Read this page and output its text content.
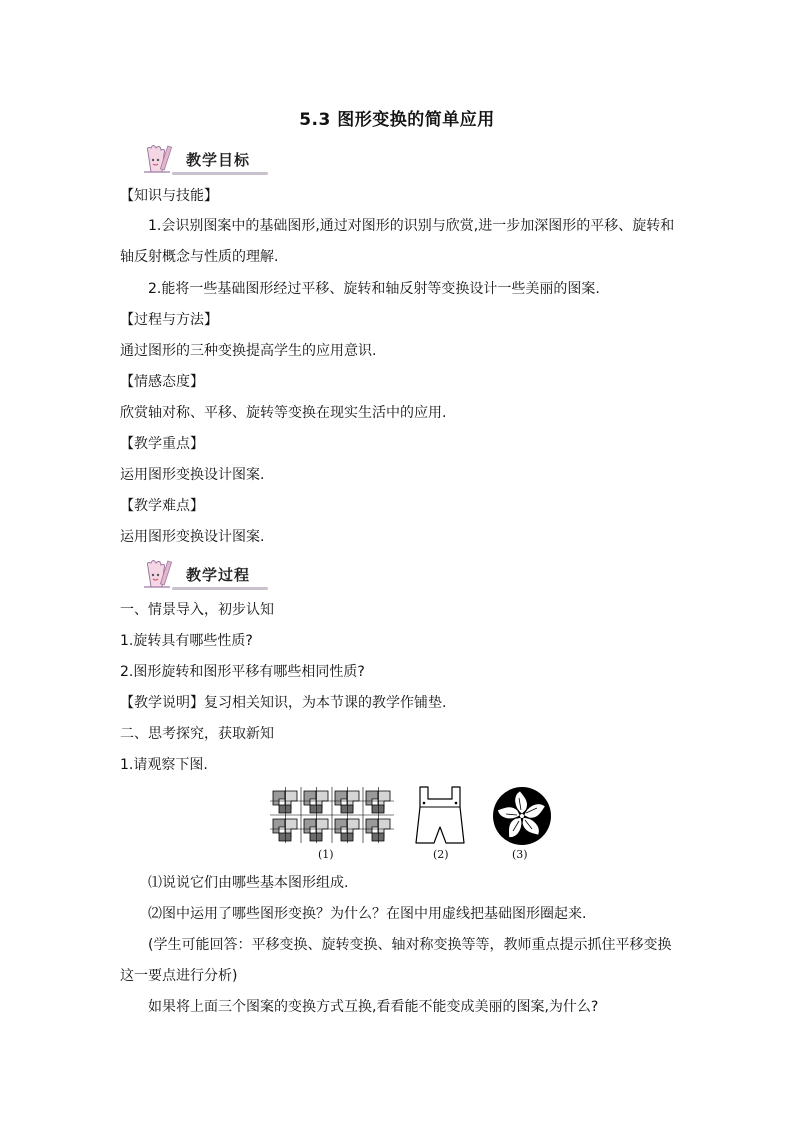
5.3 图形变换的简单应用
教学目标
【知识与技能】
1.会识别图案中的基础图形,通过对图形的识别与欣赏,进一步加深图形的平移、旋转和
轴反射概念与性质的理解.
2.能将一些基础图形经过平移、旋转和轴反射等变换设计一些美丽的图案.
【过程与方法】
通过图形的三种变换提高学生的应用意识.
【情感态度】
欣赏轴对称、平移、旋转等变换在现实生活中的应用.
【教学重点】
运用图形变换设计图案.
【教学难点】
运用图形变换设计图案.
教学过程
一、情景导入，初步认知
1.旋转具有哪些性质?
2.图形旋转和图形平移有哪些相同性质?
【教学说明】复习相关知识，为本节课的教学作铺垫.
二、思考探究，获取新知
1.请观察下图.
(1)	(2)	(3)
⑴说说它们由哪些基本图形组成.
⑵图中运用了哪些图形变换？为什么？在图中用虚线把基础图形圈起来.
(学生可能回答：平移变换、旋转变换、轴对称变换等等，教师重点提示抓住平移变换
这一要点进行分析)
如果将上面三个图案的变换方式互换,看看能不能变成美丽的图案,为什么?
